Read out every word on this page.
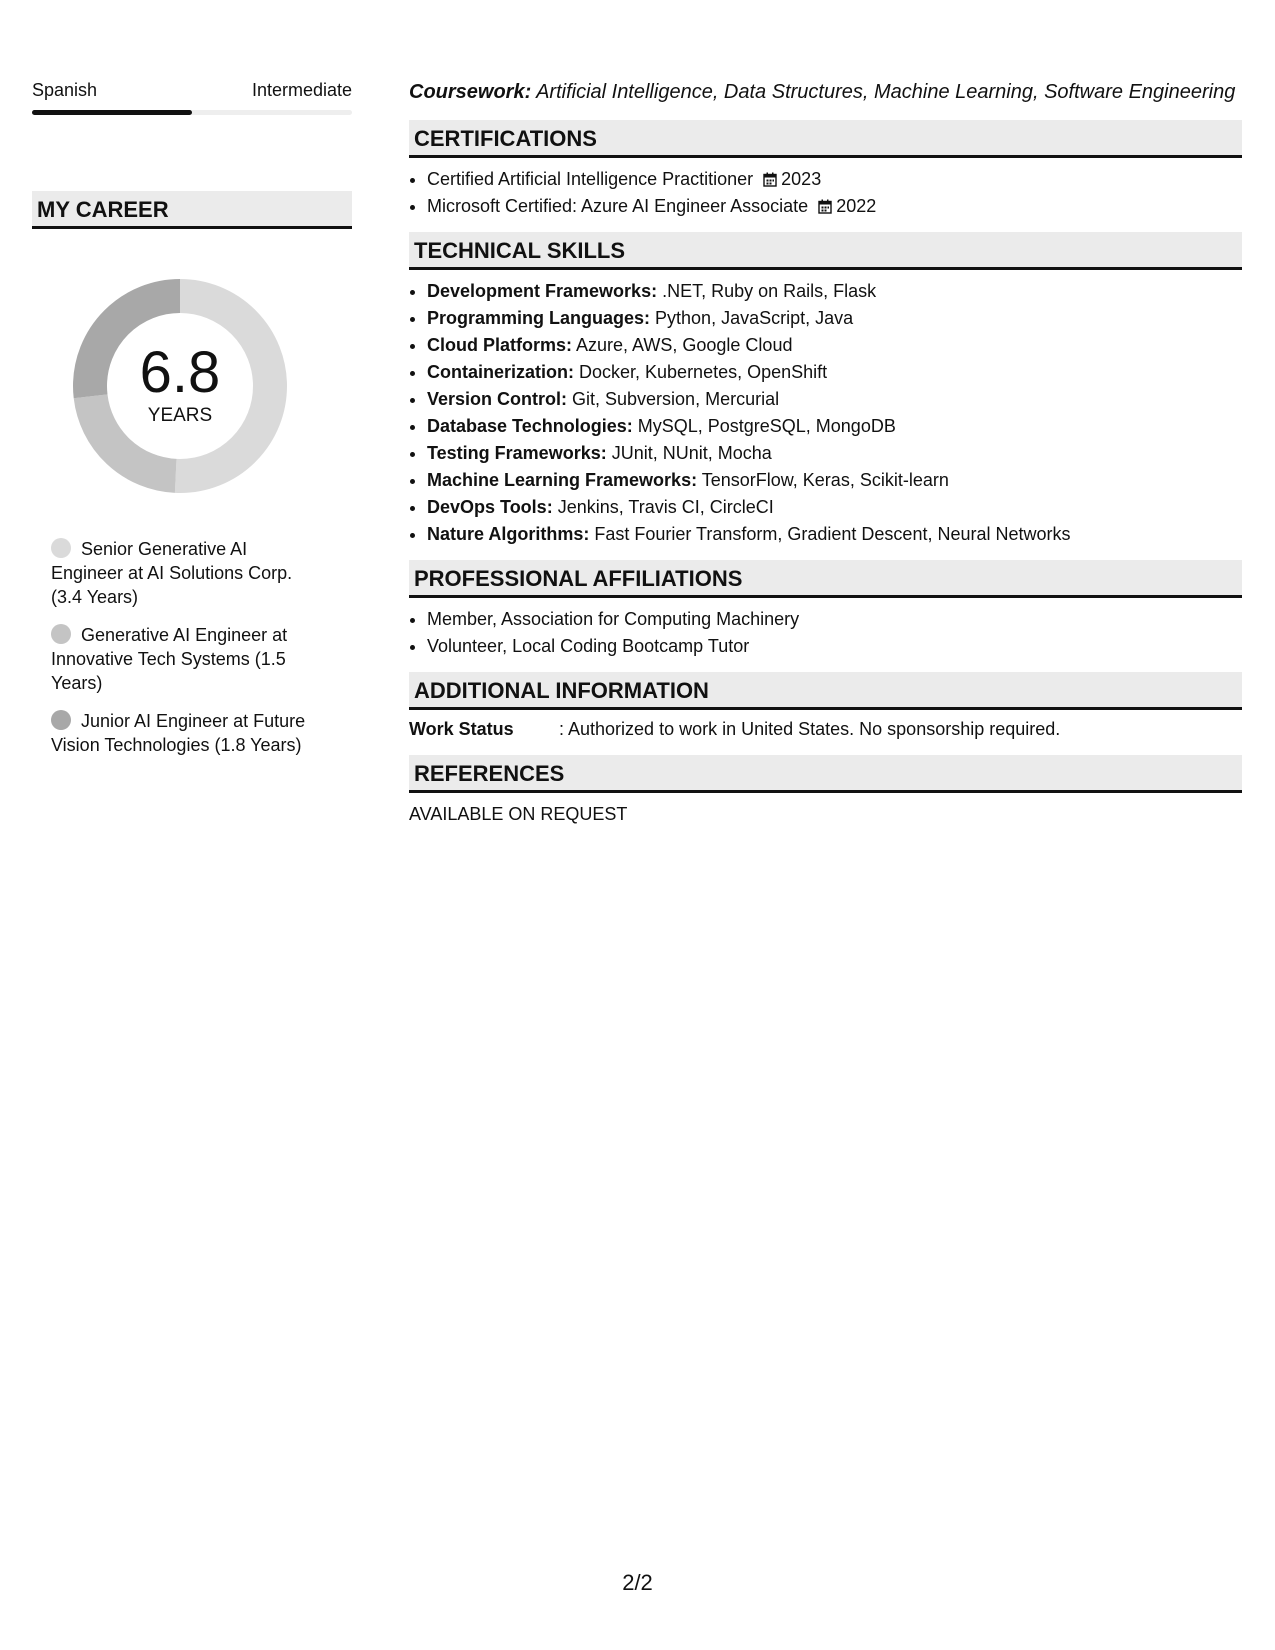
Spanish	Intermediate
MY CAREER
6.8
YEARS
Senior Generative AI Engineer at AI Solutions Corp. (3.4 Years)
Generative AI Engineer at Innovative Tech Systems (1.5 Years)
Junior AI Engineer at Future Vision Technologies (1.8 Years)
Coursework: Artificial Intelligence, Data Structures, Machine Learning, Software Engineering
CERTIFICATIONS
• Certified Artificial Intelligence Practitioner 2023
• Microsoft Certified: Azure AI Engineer Associate 2022
TECHNICAL SKILLS
• Development Frameworks: .NET, Ruby on Rails, Flask
• Programming Languages: Python, JavaScript, Java
• Cloud Platforms: Azure, AWS, Google Cloud
• Containerization: Docker, Kubernetes, OpenShift
• Version Control: Git, Subversion, Mercurial
• Database Technologies: MySQL, PostgreSQL, MongoDB
• Testing Frameworks: JUnit, NUnit, Mocha
• Machine Learning Frameworks: TensorFlow, Keras, Scikit-learn
• DevOps Tools: Jenkins, Travis CI, CircleCI
• Nature Algorithms: Fast Fourier Transform, Gradient Descent, Neural Networks
PROFESSIONAL AFFILIATIONS
• Member, Association for Computing Machinery
• Volunteer, Local Coding Bootcamp Tutor
ADDITIONAL INFORMATION
Work Status	: Authorized to work in United States. No sponsorship required.
REFERENCES
AVAILABLE ON REQUEST
2/2
